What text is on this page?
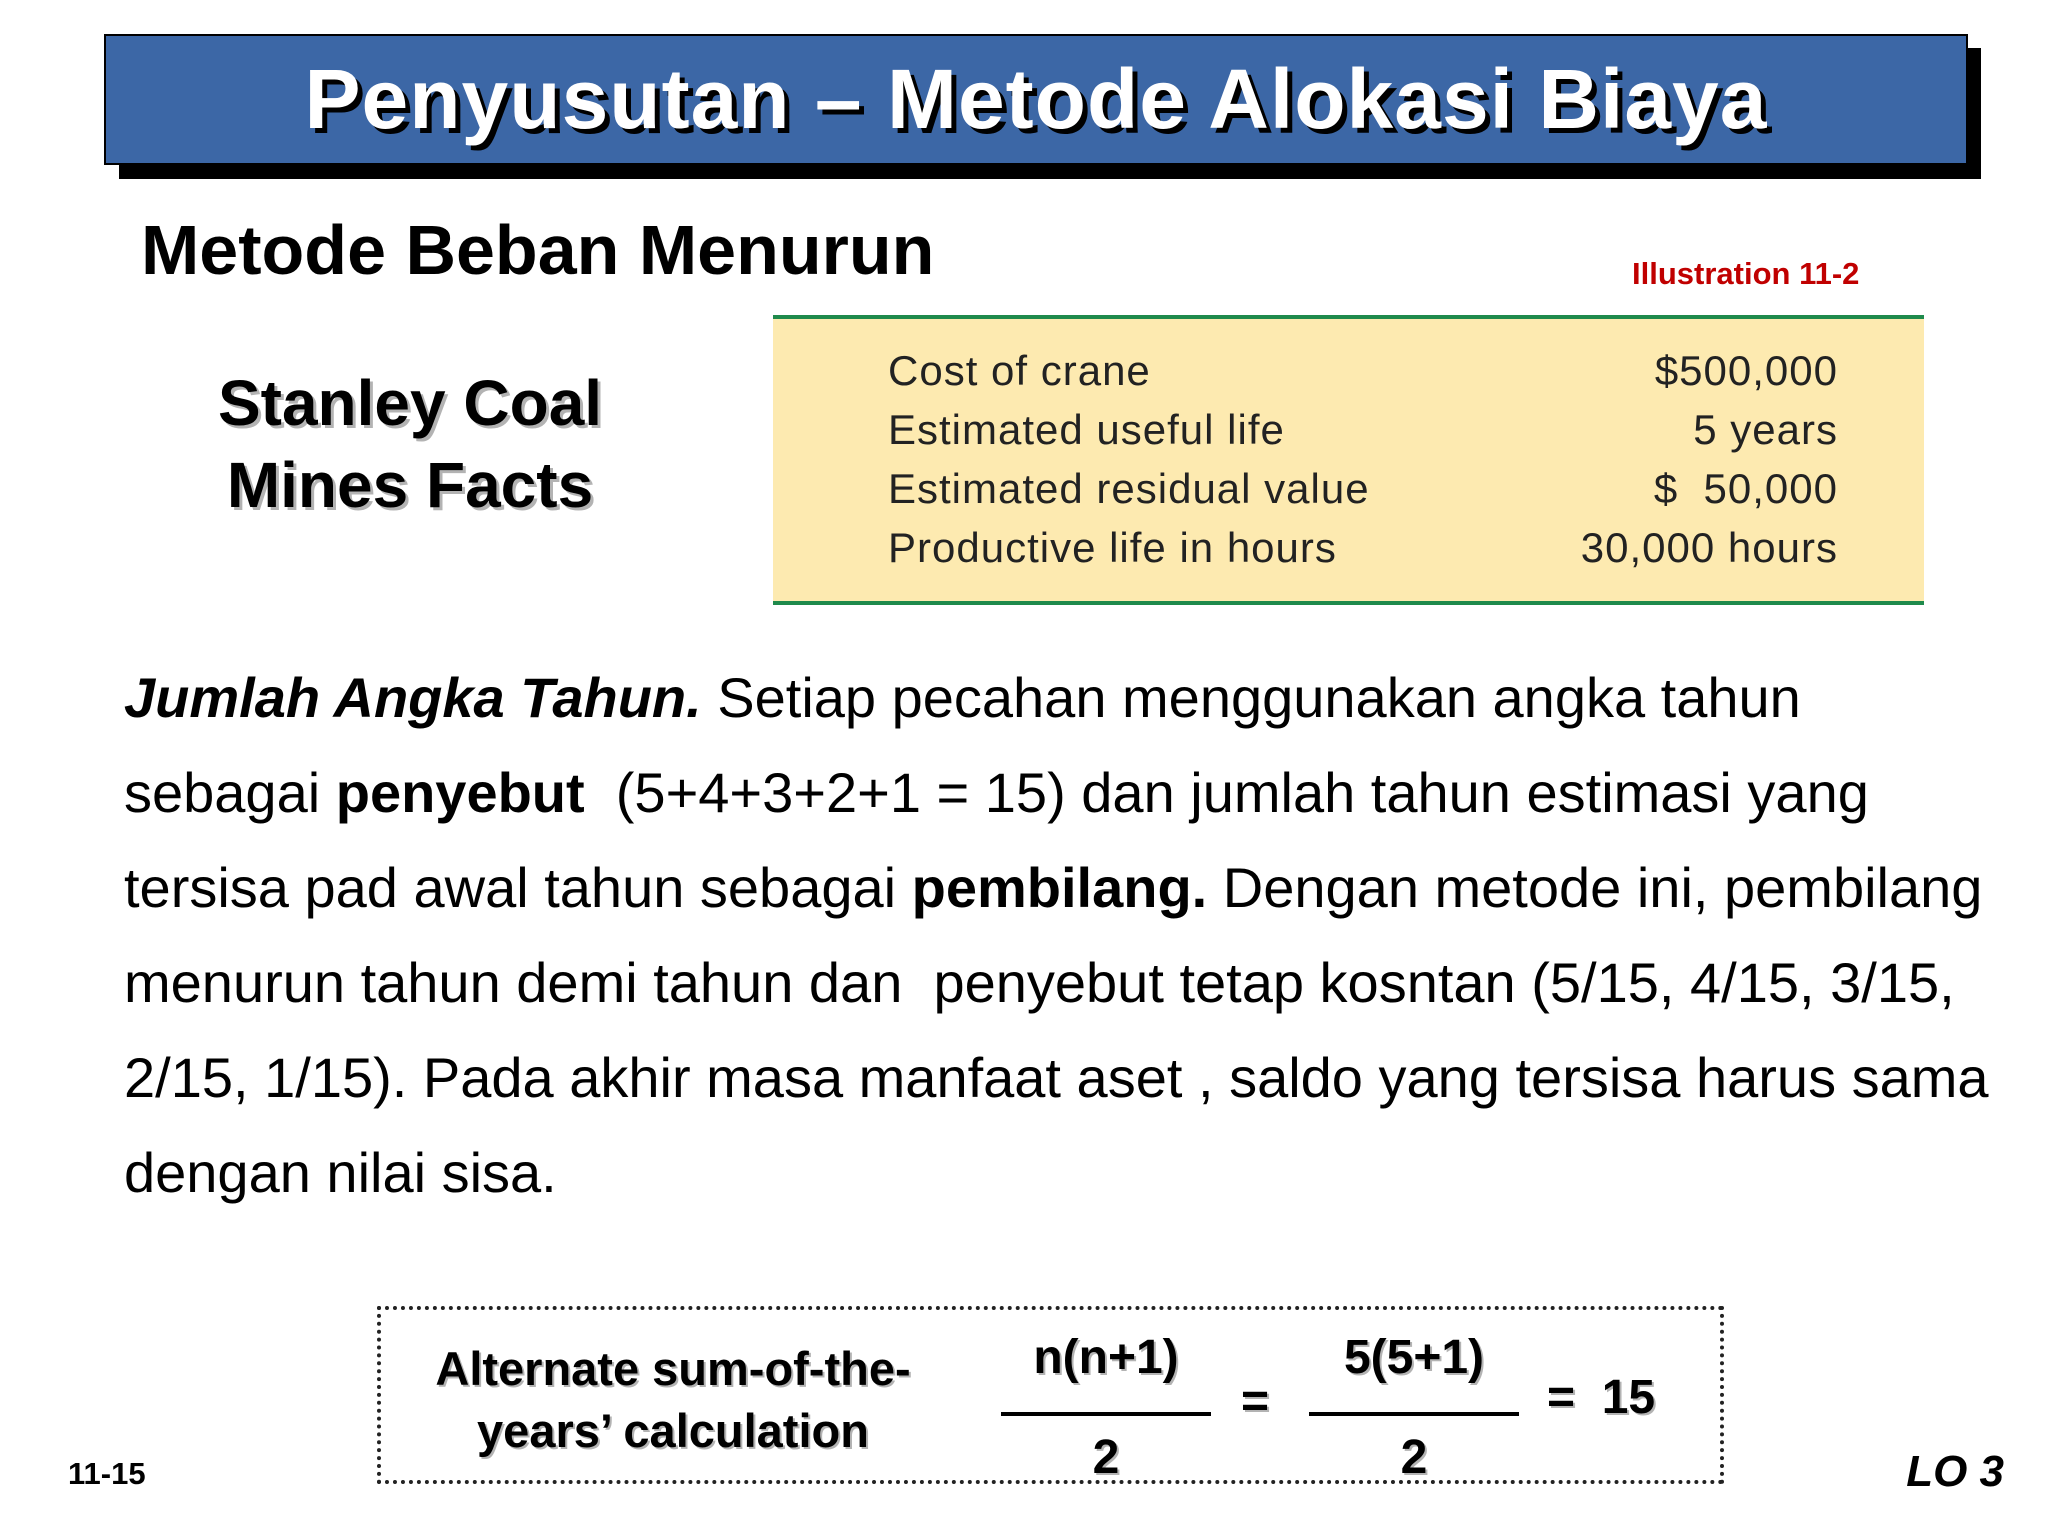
Penyusutan – Metode Alokasi Biaya
Metode Beban Menurun	Illustration 11-2
Stanley Coal
Mines Facts
Cost of crane	$500,000
Estimated useful life	5 years
Estimated residual value	$  50,000
Productive life in hours	30,000 hours
Jumlah Angka Tahun. Setiap pecahan menggunakan angka tahun sebagai penyebut  (5+4+3+2+1 = 15) dan jumlah tahun estimasi yang tersisa pad awal tahun sebagai pembilang. Dengan metode ini, pembilang menurun tahun demi tahun dan  penyebut tetap kosntan (5/15, 4/15, 3/15, 2/15, 1/15). Pada akhir masa manfaat aset , saldo yang tersisa harus sama dengan nilai sisa.
Alternate sum-of-the-
years’ calculation
n(n+1)
2
=
5(5+1)
2
=  15
11-15	LO 3
